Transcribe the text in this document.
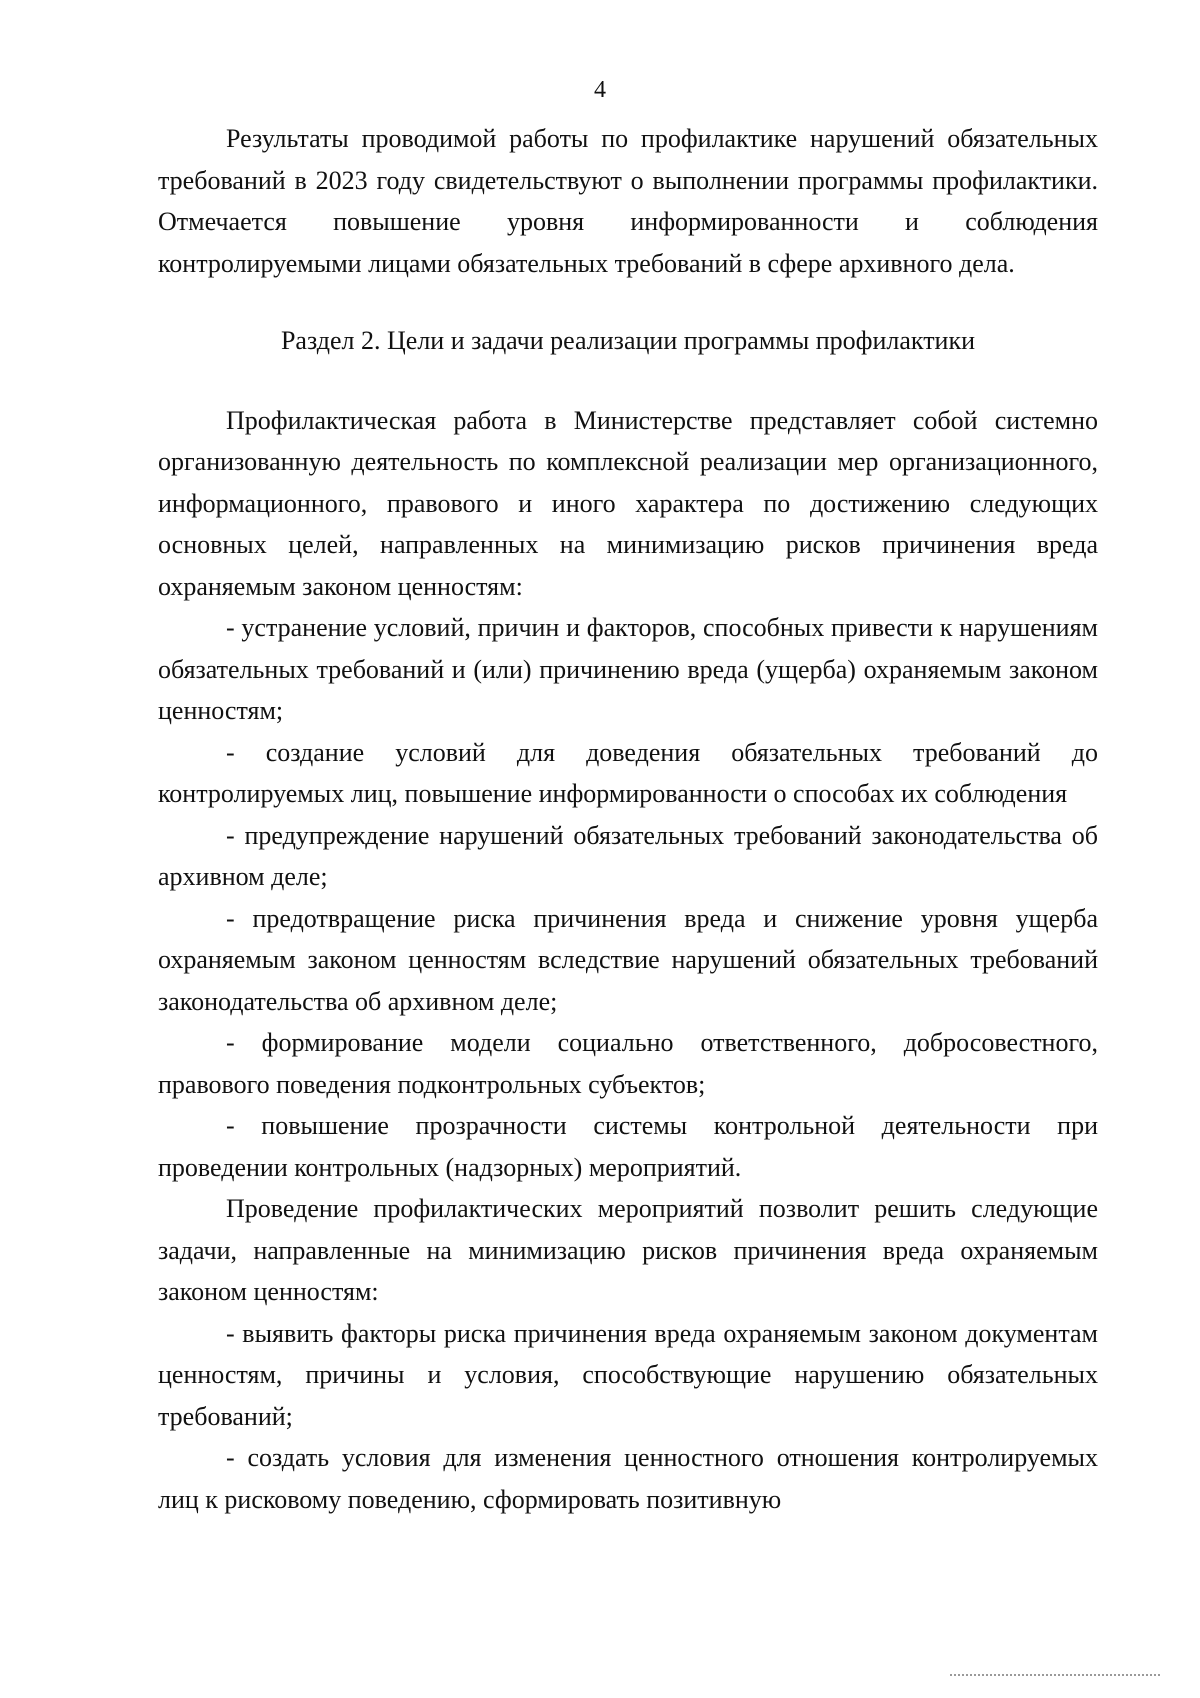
4

Результаты проводимой работы по профилактике нарушений обязательных требований в 2023 году свидетельствуют о выполнении программы профилактики. Отмечается повышение уровня информированности и соблюдения контролируемыми лицами обязательных требований в сфере архивного дела.

Раздел 2. Цели и задачи реализации программы профилактики

Профилактическая работа в Министерстве представляет собой системно организованную деятельность по комплексной реализации мер организационного, информационного, правового и иного характера по достижению следующих основных целей, направленных на минимизацию рисков причинения вреда охраняемым законом ценностям:

- устранение условий, причин и факторов, способных привести к нарушениям обязательных требований и (или) причинению вреда (ущерба) охраняемым законом ценностям;

- создание условий для доведения обязательных требований до контролируемых лиц, повышение информированности о способах их соблюдения

- предупреждение нарушений обязательных требований законодательства об архивном деле;

- предотвращение риска причинения вреда и снижение уровня ущерба охраняемым законом ценностям вследствие нарушений обязательных требований законодательства об архивном деле;

- формирование модели социально ответственного, добросовестного, правового поведения подконтрольных субъектов;

- повышение прозрачности системы контрольной деятельности при проведении контрольных (надзорных) мероприятий.

Проведение профилактических мероприятий позволит решить следующие задачи, направленные на минимизацию рисков причинения вреда охраняемым законом ценностям:

- выявить факторы риска причинения вреда охраняемым законом документам ценностям, причины и условия, способствующие нарушению обязательных требований;

- создать условия для изменения ценностного отношения контролируемых лиц к рисковому поведению, сформировать позитивную
